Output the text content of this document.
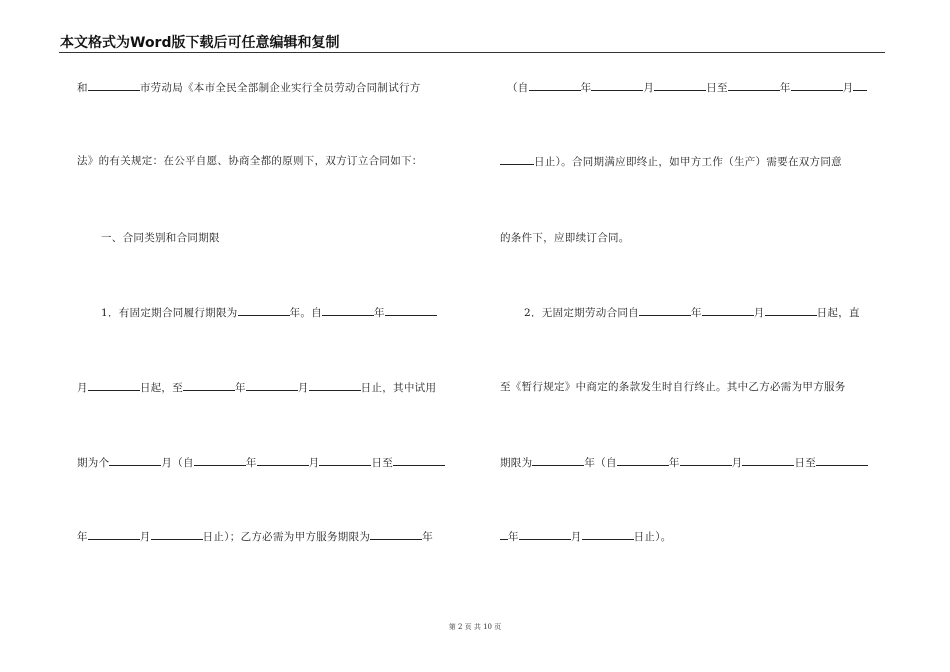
本文格式为Word版下载后可任意编辑和复制
和	市劳动局《本市全民全部制企业实行全员劳动合同制试行方
法》的有关规定：在公平自愿、协商全都的原则下，双方订立合同如下：
一、合同类别和合同期限
1．有固定期合同履行期限为	年。自	年
月	日起，至	年	月	日止，其中试用
期为个	月（自	年	月	日至
年	月	日止）；乙方必需为甲方服务期限为	年
（自	年	月	日至	年	月
日止）。合同期满应即终止，如甲方工作（生产）需要在双方同意
的条件下，应即续订合同。
2．无固定期劳动合同自	年	月	日起，直
至《暂行规定》中商定的条款发生时自行终止。其中乙方必需为甲方服务
期限为	年（自	年	月	日至
年	月	日止）。
第 2 页 共 10 页
